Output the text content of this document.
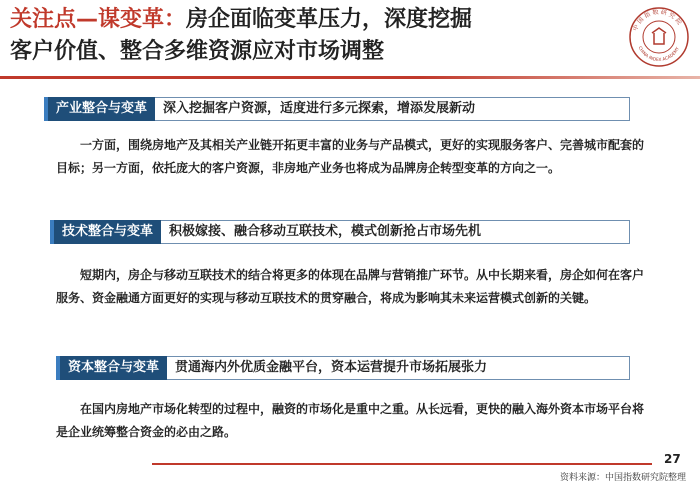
关注点—谋变革：房企面临变革压力，深度挖掘
客户价值、整合多维资源应对市场调整
中 国 指 数 研 究 院
CHINA INDEX ACADEMY
产业整合与变革	深入挖掘客户资源，适度进行多元探索，增添发展新动
一方面，围绕房地产及其相关产业链开拓更丰富的业务与产品模式，更好的实现服务客户、完善城市配套的目标；另一方面，依托庞大的客户资源，非房地产业务也将成为品牌房企转型变革的方向之一。
技术整合与变革	积极嫁接、融合移动互联技术，模式创新抢占市场先机
短期内，房企与移动互联技术的结合将更多的体现在品牌与营销推广环节。从中长期来看，房企如何在客户服务、资金融通方面更好的实现与移动互联技术的贯穿融合，将成为影响其未来运营模式创新的关键。
资本整合与变革	贯通海内外优质金融平台，资本运营提升市场拓展张力
在国内房地产市场化转型的过程中，融资的市场化是重中之重。从长远看，更快的融入海外资本市场平台将是企业统筹整合资金的必由之路。
27
资料来源：中国指数研究院整理
